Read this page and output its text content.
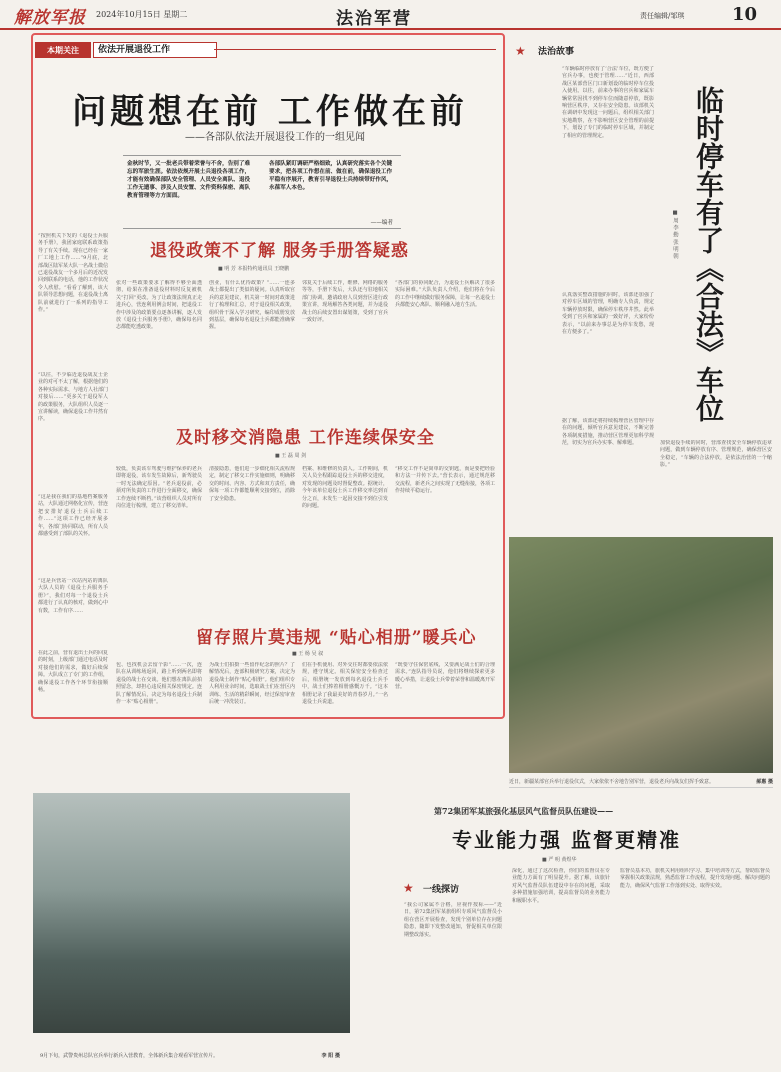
解放军报 2024年10月15日 星期二	法治军营	责任编辑/邹琪	10
本期关注	依法开展退役工作
问题想在前 工作做在前
——各部队依法开展退役工作的一组见闻
金秋时节，又一批老兵带着荣誉与不舍，告别了难忘的军旅生涯。依法依规开展士兵退役各项工作，才能有效确保部队安全管理、人员安全离队、退役工作无遗事、涉及人员安置、文件资料保密、离队教育管理等方方面面。
各部队紧盯调研严格细致，认真研究落实各个关键要求，把各项工作想在前、做在前，确保退役工作平稳有序展开，教育引导退役士兵持续带好作风，永葆军人本色。
——编者
“按照机关下发的《退役士兵服务手册》，我团家庭联系政策指导了有关手续。现在已经在一家厂工地上工作……”9月底，北部战区陆军某大队一名战士微信已退役战友一个多月后的近况发回到联系的电话，他的工作状况令人欣慰。“看看了解到，该大队领导思想问题，在退役战士离队前就进行了一系列的指导工作。”
“以往，不少临近退役战友士企业的对可不太了解，根据他们的各种实际需求、与地方人社部门对接后……”更多关于退役军人的政策服务，大队组织人员逐一宣讲解读，确保退役工作井然有序。
“这是我在我们的基地档案服务站，大队通过网格化宣传，营连把安排好退役士兵后续工作……”这项工作已经开展多年，各部门协同联动，所有人员都感受到了部队的关怀。
“这是兵营站一次站内站的离队大队人员的《退役士兵服务手册》”，我们对每一个退役士兵都进行了认真的核对，做到心中有数，工作有序……
在此之前，营有退出士兵的回复的时刻，上级部门通过电话及时对接他们的需求，做好后续保障。大队成立了专门的工作组，确保退役工作各个环节衔接顺畅。
退役政策不了解 服务手册答疑惑
■ 明 芳 本报特约通讯员 王晓鹏
张对一些政策要求了解得不够全面透彻，给果在准备退役材料时反复被机关“打回”更改。为了让政策法规真正走进兵心，营连利用例会时间，把退役工作中涉及的政策要点逐条讲解，逐人发放《退役士兵服务手册》，确保每名同志都能吃透政策。
创业，有什么优待政策？”……一连多战士都提出了类似的疑问。认真听取官兵的意见建议，机关第一时间对政策进行了梳理和汇总，对于退役相关政策，组织骨干深入学习研究，编印成册发放到基层，确保每名退役士兵都能准确掌握。
邻复关于后续工作，维修、网络的服务等等，手册下发后，大队还与驻地相关部门协调，邀请政府人员到营区进行政策宣讲，现场解答各类问题，并为退役战士的后续安置出谋划策，受到了官兵一致好评。
“各部门的协同配合，为退役士兵解决了很多实际困难。”大队负责人介绍，他们将在今后的工作中继续做好服务保障，让每一名退役士兵都能安心离队、顺利融入地方生活。
及时移交消隐患 工作连续保安全
■ 王 磊 周 剑
较低，负责该车驾驶与维护保养的老兵即将退役，该车发生故障后，新驾驶员一时无法确定原因。“老兵退役前，必须对所负责的工作进行全面移交，确保工作连续不断档。”该营组织人员对所有岗位进行梳理，建立了移交清单。
清接隐患，他们进一步细化相关流程规定，制定了移交工作实施细则，明确移交的时间、内容、方式和双方责任，确保每一项工作都能顺利交接到位，消除了安全隐患。
档案、和维修的负责人。工作期间，机关人员全程跟踪退役士兵的移交进度，对发现的问题及时督促整改。据统计，今年该单位退役士兵工作移交率达到百分之百，未发生一起因交接不到位引发的问题。
“移交工作不是简单的交钥匙，而是要把经验和方法一并传下去。”营长表示，通过规范移交流程，新老兵之间实现了无缝衔接，各项工作持续平稳运行。
留存照片莫违规 “贴心相册”暖兵心
■ 王 杨 吴 叙
包、也找机会去留个影”……一次，连队在从训练场返回，路上听到两名即将退役的战士在交谈。他们想在离队前拍照留念，却担心违反相关保密规定。连队了解情况后，决定为每名退役士兵制作一本“贴心相册”。
为战士们拍摄一些留作纪念的照片？了解情况后，连部积极研究方案，决定为退役战士制作“贴心相册”。他们组织专人利用业余时间，选取战士们在营区内训练、生活的精彩瞬间，经过保密审查后统一冲洗装订。
们在手机使用、对外交往时都要依法依规，遵守规定。相关保密安全检查过后，相册统一发放到每名退役士兵手中，战士们捧着相册感慨万千。“这本相册记录了我最美好的青春岁月。”一名退役士兵说道。
“既要守住保密底线，又要满足战士们的合理需求。”连队指导员说，他们将继续探索更多暖心举措，让退役士兵带着荣誉和温暖离开军营。
★	法治故事
“车辆临时停放有了‘合法’车位，既方便了官兵办事，也便于管理……”近日，西部战区某部营区门口新划设的临时停车位投入使用。以往，前来办事的官兵和家属车辆常常因找不到停车位而随意停放，既影响营区秩序，又存在安全隐患。该部机关在调研中发现这一问题后，组织相关部门实地勘察，在不影响营区安全管理的前提下，划设了专门的临时停车区域，并制定了相应的管理规定。
认真落实整改措施的同时，该部还加强了对停车区域的管理，明确专人负责，规定车辆停放时限，确保停车秩序井然。此举受到了官兵和家属的一致好评，大家纷纷表示，“以前来办事总是为停车发愁，现在方便多了。”
据了解，该部还将持续梳理营区管理中存在的问题，倾听官兵意见建议，不断完善各项制度措施，推动营区管理更加科学规范，切实为官兵办实事、解难题。	加快退役手续的同时，营部查找安全车辆停放违章问题，做到车辆停放有序、管理规范，确保营区安全稳定，“车辆的合法停放，是依法治营的一个缩影。”
临时停车有了《合法》车位
■ 周 李 勤 张 明 朝
近日，新疆某部官兵举行退役仪式，大家依依不舍地告别军营，退役老兵向战友们挥手致意。	郝惠 摄
9月下旬，武警贵州总队官兵举行新兵入营教育，全体新兵集合观看军营宣传片。	李 阳 摄
第72集团军某旅强化基层风气监督员队伍建设——
专业能力强 监督更精准
■ 严 明 黄煜华
★ 一线探访
“我公司家属不合格，应视作按标——”近日，第72集团军某旅组织专项风气监督员小组在营区开展检查，发现个别单位存在问题隐患，随即下发整改通知，督促相关单位限期整改落实。
深化，通过了这次检查，你们的监督员在专业能力方面有了明显提升。据了解，该旅针对风气监督员队伍建设中存在的问题，采取多种措施加强培训，提高监督员的业务能力和履职水平。
监督员基本功，旅机关利用组织学习、集中培训等方式，帮助监督员掌握相关政策法规，熟悉监督工作流程，提升发现问题、解决问题的能力，确保风气监督工作落到实处、取得实效。
